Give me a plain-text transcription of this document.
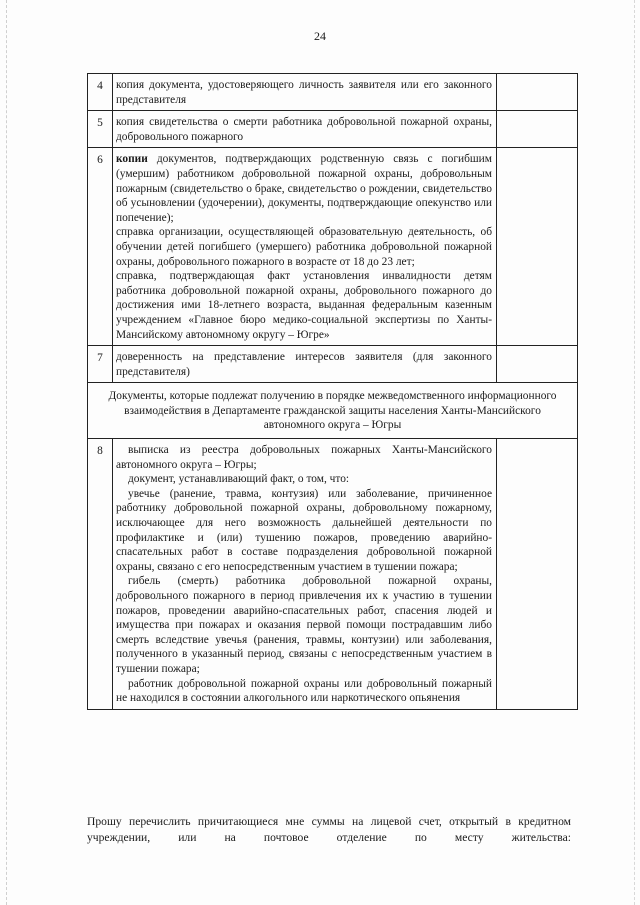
24
4	копия документа, удостоверяющего личность заявителя или его законного представителя	

5	копия свидетельства о смерти работника добровольной пожарной охраны, добровольного пожарного	

6	копии документов, подтверждающих родственную связь с погибшим (умершим) работником добровольной пожарной охраны, добровольным пожарным (свидетельство о браке, свидетельство о рождении, свидетельство об усыновлении (удочерении), документы, подтверждающие опекунство или попечение);

справка организации, осуществляющей образовательную деятельность, об обучении детей погибшего (умершего) работника добровольной пожарной охраны, добровольного пожарного в возрасте от 18 до 23 лет;

справка, подтверждающая факт установления инвалидности детям работника добровольной пожарной охраны, добровольного пожарного до достижения ими 18-летнего возраста, выданная федеральным казенным учреждением «Главное бюро медико-социальной экспертизы по Ханты-Мансийскому автономному округу – Югре»	

7	доверенность на представление интересов заявителя (для законного представителя)	

Документы, которые подлежат получению в порядке межведомственного информационного взаимодействия в Департаменте гражданской защиты населения Ханты-Мансийского автономного округа – Югры		
8	выписка из реестра добровольных пожарных Ханты-Мансийского автономного округа – Югры;

документ, устанавливающий факт, о том, что:

увечье (ранение, травма, контузия) или заболевание, причиненное работнику добровольной пожарной охраны, добровольному пожарному, исключающее для него возможность дальнейшей деятельности по профилактике и (или) тушению пожаров, проведению аварийно-спасательных работ в составе подразделения добровольной пожарной охраны, связано с его непосредственным участием в тушении пожара;

гибель (смерть) работника добровольной пожарной охраны, добровольного пожарного в период привлечения их к участию в тушении пожаров, проведении аварийно-спасательных работ, спасения людей и имущества при пожарах и оказания первой помощи пострадавшим либо смерть вследствие увечья (ранения, травмы, контузии) или заболевания, полученного в указанный период, связаны с непосредственным участием в тушении пожара;

работник добровольной пожарной охраны или добровольный пожарный не находился в состоянии алкогольного или наркотического опьянения	

Прошу перечислить причитающиеся мне суммы на лицевой счет, открытый в кредитном учреждении, или на почтовое отделение по месту жительства:
